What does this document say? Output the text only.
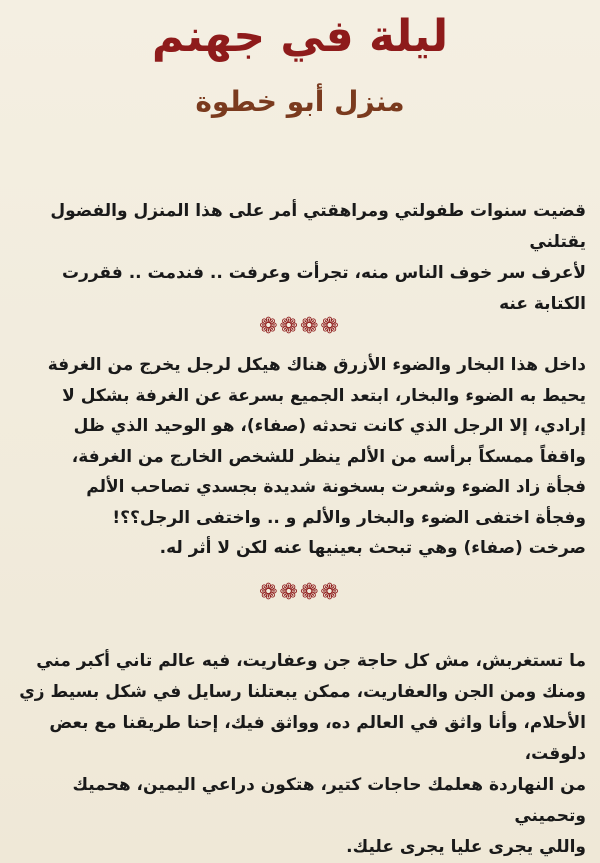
ليلة في جهنم
منزل أبو خطوة
قضيت سنوات طفولتي ومراهقتي أمر على هذا المنزل والفضول يقتلني
لأعرف سر خوف الناس منه، تجرأت وعرفت .. فندمت .. فقررت الكتابة عنه
❁❁❁❁
داخل هذا البخار والضوء الأزرق هناك هيكل لرجل يخرج من الغرفة
يحيط به الضوء والبخار، ابتعد الجميع بسرعة عن الغرفة بشكل لا
إرادي، إلا الرجل الذي كانت تحدثه (صفاء)، هو الوحيد الذي ظل
واقفاً ممسكاً برأسه من الألم ينظر للشخص الخارج من الغرفة،
فجأة زاد الضوء وشعرت بسخونة شديدة بجسدي تصاحب الألم
وفجأة اختفى الضوء والبخار والألم و .. واختفى الرجل؟؟!
صرخت (صفاء) وهي تبحث بعينيها عنه لكن لا أثر له.
❁❁❁❁
ما تستغربش، مش كل حاجة جن وعفاريت، فيه عالم تاني أكبر مني
ومنك ومن الجن والعفاريت، ممكن يبعتلنا رسايل في شكل بسيط زي
الأحلام، وأنا واثق في العالم ده، وواثق فيك، إحنا طريقنا مع بعض دلوقت،
من النهاردة هعلمك حاجات كتير، هتكون دراعي اليمين، هحميك وتحميني
واللي يجرى عليا يجرى عليك.
